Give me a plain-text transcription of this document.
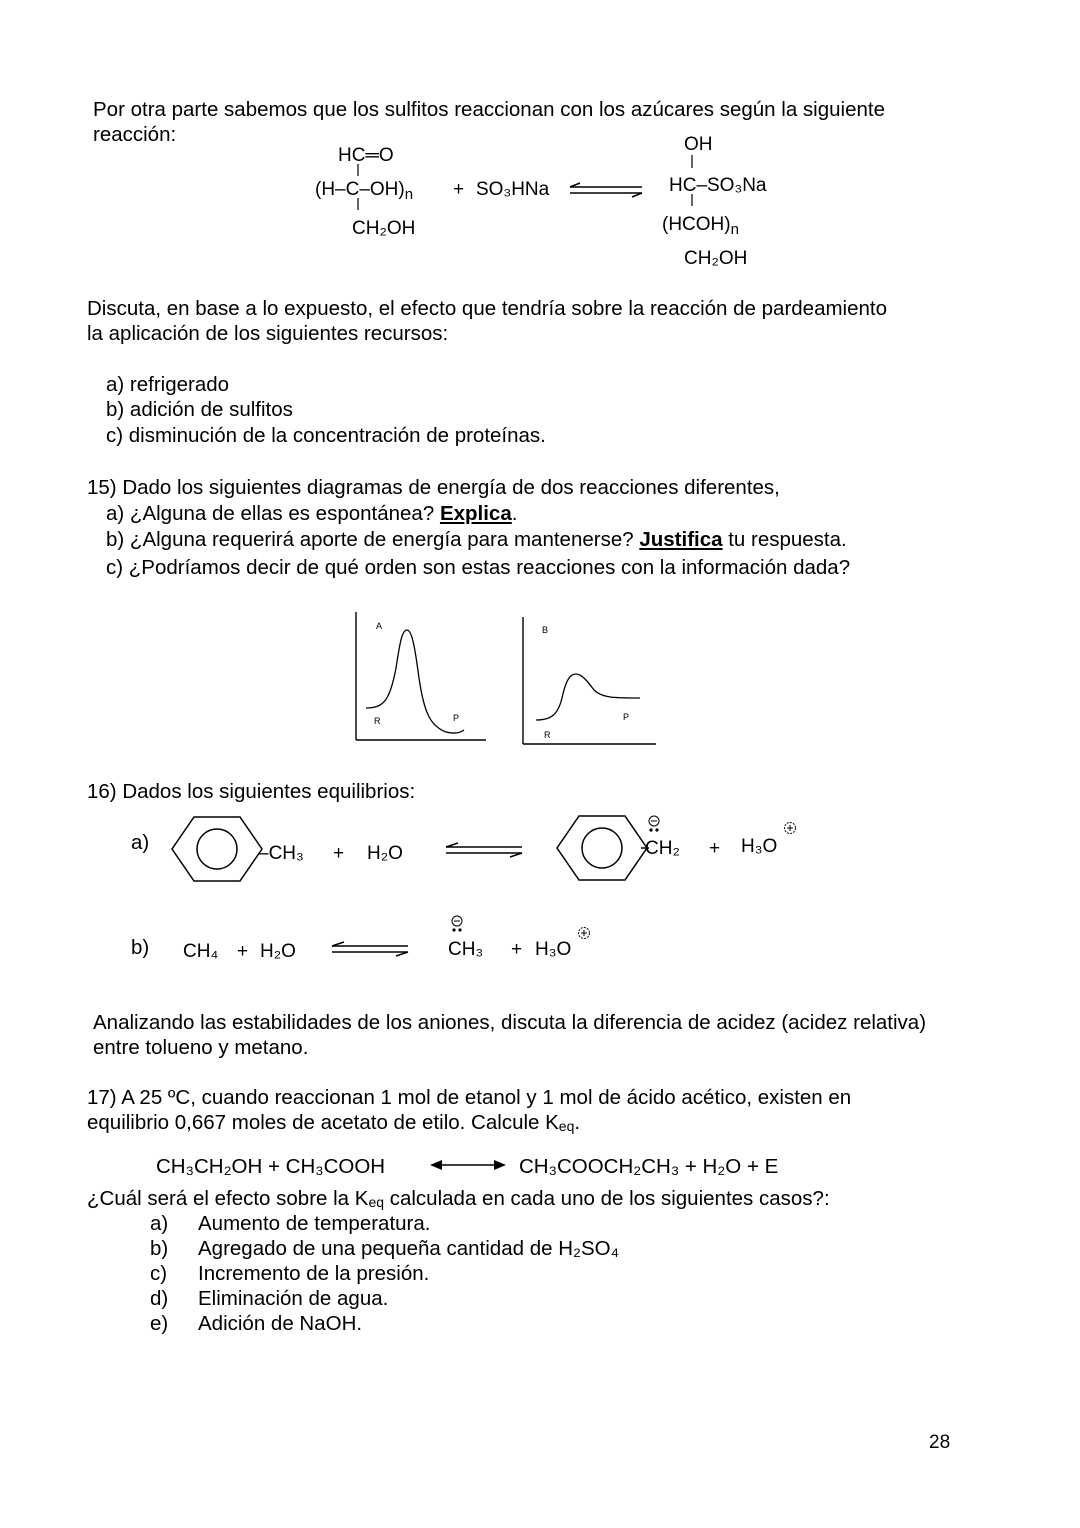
Por otra parte sabemos que los sulfitos reaccionan con los azúcares según la siguiente
reacción:
HC═O
$(H-C-OH)_n$
CH₂OH
+ SO₃HNa
OH
HC–SO₃Na
$(HCOH)_n$
CH₂OH
Discuta, en base a lo expuesto, el efecto que tendría sobre la reacción de pardeamiento
la aplicación de los siguientes recursos:
a) refrigerado
b) adición de sulfitos
c) disminución de la concentración de proteínas.
15) Dado los siguientes diagramas de energía de dos reacciones diferentes,
a) ¿Alguna de ellas es espontánea? Explica.
b) ¿Alguna requerirá aporte de energía para mantenerse? Justifica tu respuesta.
c) ¿Podríamos decir de qué orden son estas reacciones con la información dada?
A
R	P
B
R
P
16) Dados los siguientes equilibrios:
a)	–CH₃ + H₂O	CH₂ + H₃O
b) CH₄ + H₂O	CH₃ + H₃O
Analizando las estabilidades de los aniones, discuta la diferencia de acidez (acidez relativa)
entre tolueno y metano.
17) A 25 ºC, cuando reaccionan 1 mol de etanol y 1 mol de ácido acético, existen en
equilibrio 0,667 moles de acetato de etilo. Calcule $K_{eq}$.
CH₃CH₂OH + CH₃COOH	CH₃COOCH₂CH₃ + H₂O + E
¿Cuál será el efecto sobre la $K_{eq}$ calculada en cada uno de los siguientes casos?:
a) Aumento de temperatura.
b) Agregado de una pequeña cantidad de H₂SO₄
c) Incremento de la presión.
d) Eliminación de agua.
e) Adición de NaOH.
28
